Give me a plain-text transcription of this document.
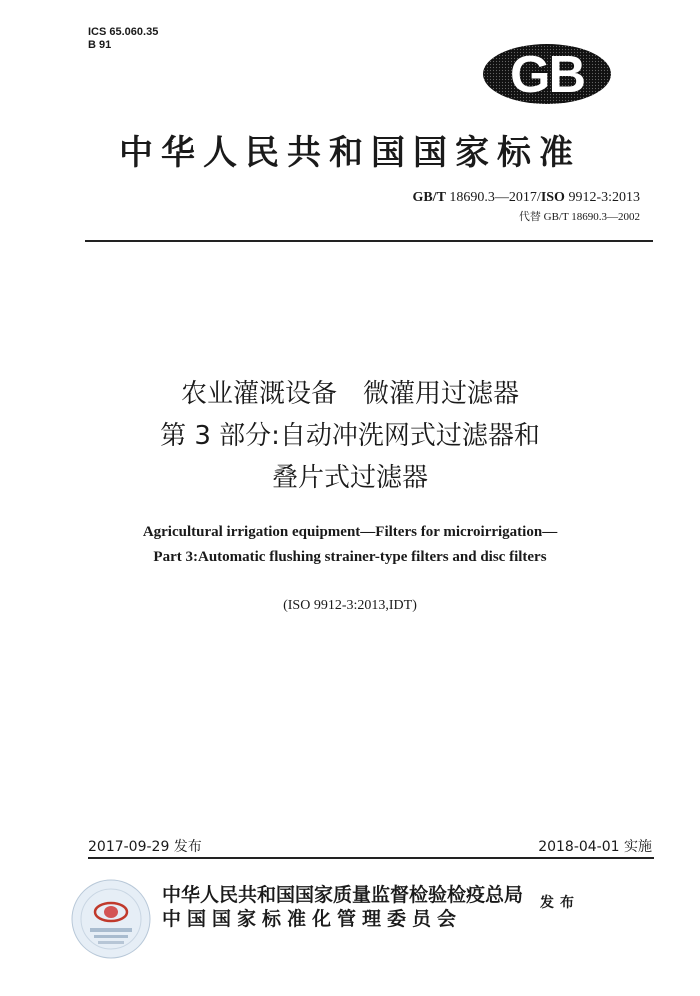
ICS 65.060.35
B 91
GB
中华人民共和国国家标准
GB/T 18690.3—2017/ISO 9912-3:2013
代替 GB/T 18690.3—2002
农业灌溉设备　微灌用过滤器
第 3 部分:自动冲洗网式过滤器和
叠片式过滤器
Agricultural irrigation equipment—Filters for microirrigation—
Part 3:Automatic flushing strainer-type filters and disc filters
(ISO 9912-3:2013,IDT)
2017-09-29 发布	2018-04-01 实施
中华人民共和国国家质量监督检验检疫总局
中国国家标准化管理委员会
发布
